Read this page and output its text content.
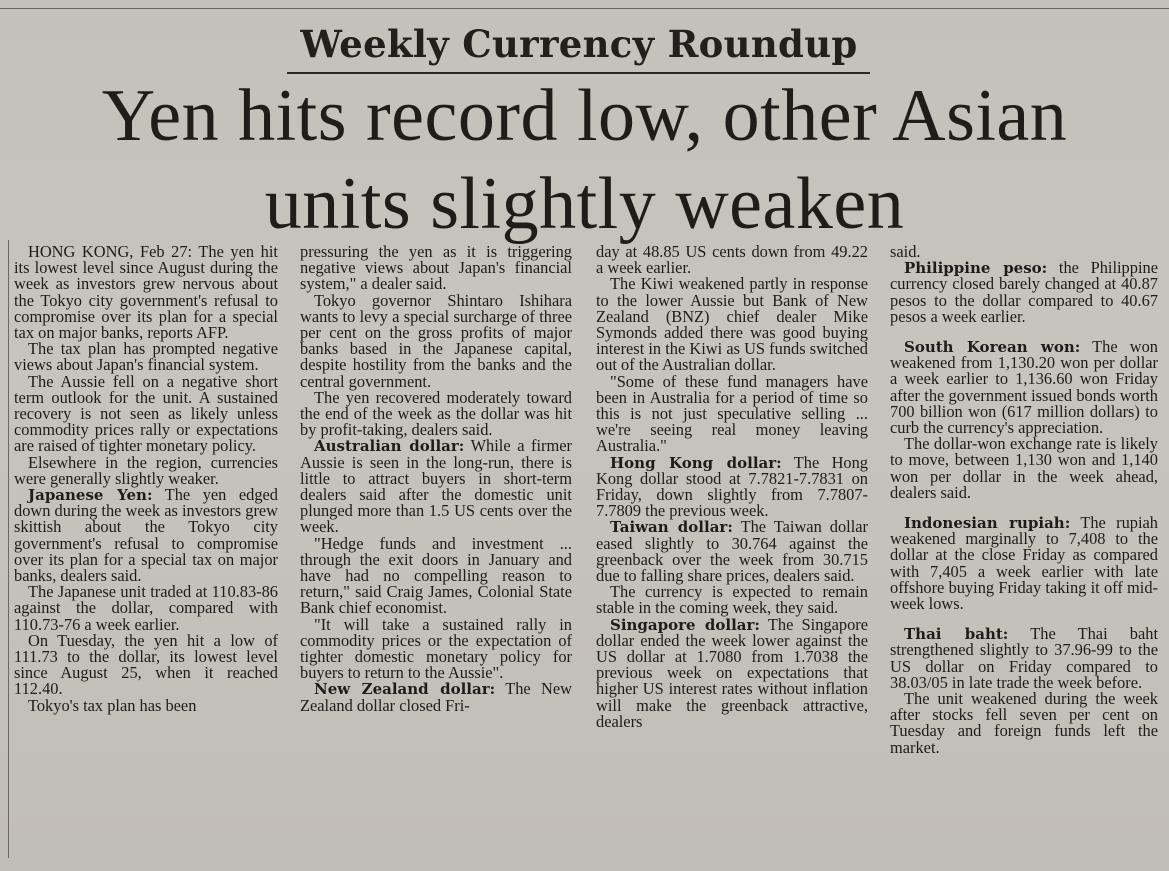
Weekly Currency Roundup
Yen hits record low, other Asian
units slightly weaken

HONG KONG, Feb 27: The yen hit its lowest level since August during the week as investors grew nervous about the Tokyo city government's refusal to compromise over its plan for a special tax on major banks, reports AFP.

The tax plan has prompted negative views about Japan's financial system.

The Aussie fell on a negative short term outlook for the unit. A sustained recovery is not seen as likely unless commodity prices rally or expectations are raised of tighter monetary policy.

Elsewhere in the region, currencies were generally slightly weaker.

Japanese Yen: The yen edged down during the week as investors grew skittish about the Tokyo city government's refusal to compromise over its plan for a special tax on major banks, dealers said.

The Japanese unit traded at 110.83-86 against the dollar, compared with 110.73-76 a week earlier.

On Tuesday, the yen hit a low of 111.73 to the dollar, its lowest level since August 25, when it reached 112.40.

Tokyo's tax plan has been

pressuring the yen as it is triggering negative views about Japan's financial system," a dealer said.

Tokyo governor Shintaro Ishihara wants to levy a special surcharge of three per cent on the gross profits of major banks based in the Japanese capital, despite hostility from the banks and the central government.

The yen recovered moderately toward the end of the week as the dollar was hit by profit-taking, dealers said.

Australian dollar: While a firmer Aussie is seen in the long-run, there is little to attract buyers in short-term dealers said after the domestic unit plunged more than 1.5 US cents over the week.

"Hedge funds and investment ... through the exit doors in January and have had no compelling reason to return," said Craig James, Colonial State Bank chief economist.

"It will take a sustained rally in commodity prices or the expectation of tighter domestic monetary policy for buyers to return to the Aussie".

New Zealand dollar: The New Zealand dollar closed Fri-

day at 48.85 US cents down from 49.22 a week earlier.

The Kiwi weakened partly in response to the lower Aussie but Bank of New Zealand (BNZ) chief dealer Mike Symonds added there was good buying interest in the Kiwi as US funds switched out of the Australian dollar.

"Some of these fund managers have been in Australia for a period of time so this is not just speculative selling ... we're seeing real money leaving Australia."

Hong Kong dollar: The Hong Kong dollar stood at 7.7821-7.7831 on Friday, down slightly from 7.7807-7.7809 the previous week.

Taiwan dollar: The Taiwan dollar eased slightly to 30.764 against the greenback over the week from 30.715 due to falling share prices, dealers said.

The currency is expected to remain stable in the coming week, they said.

Singapore dollar: The Singapore dollar ended the week lower against the US dollar at 1.7080 from 1.7038 the previous week on expectations that higher US interest rates without inflation will make the greenback attractive, dealers

said.

Philippine peso: the Philippine currency closed barely changed at 40.87 pesos to the dollar compared to 40.67 pesos a week earlier.

South Korean won: The won weakened from 1,130.20 won per dollar a week earlier to 1,136.60 won Friday after the government issued bonds worth 700 billion won (617 million dollars) to curb the currency's appreciation.

The dollar-won exchange rate is likely to move, between 1,130 won and 1,140 won per dollar in the week ahead, dealers said.

Indonesian rupiah: The rupiah weakened marginally to 7,408 to the dollar at the close Friday as compared with 7,405 a week earlier with late offshore buying Friday taking it off mid-week lows.

Thai baht: The Thai baht strengthened slightly to 37.96-99 to the US dollar on Friday compared to 38.03/05 in late trade the week before.

The unit weakened during the week after stocks fell seven per cent on Tuesday and foreign funds left the market.
